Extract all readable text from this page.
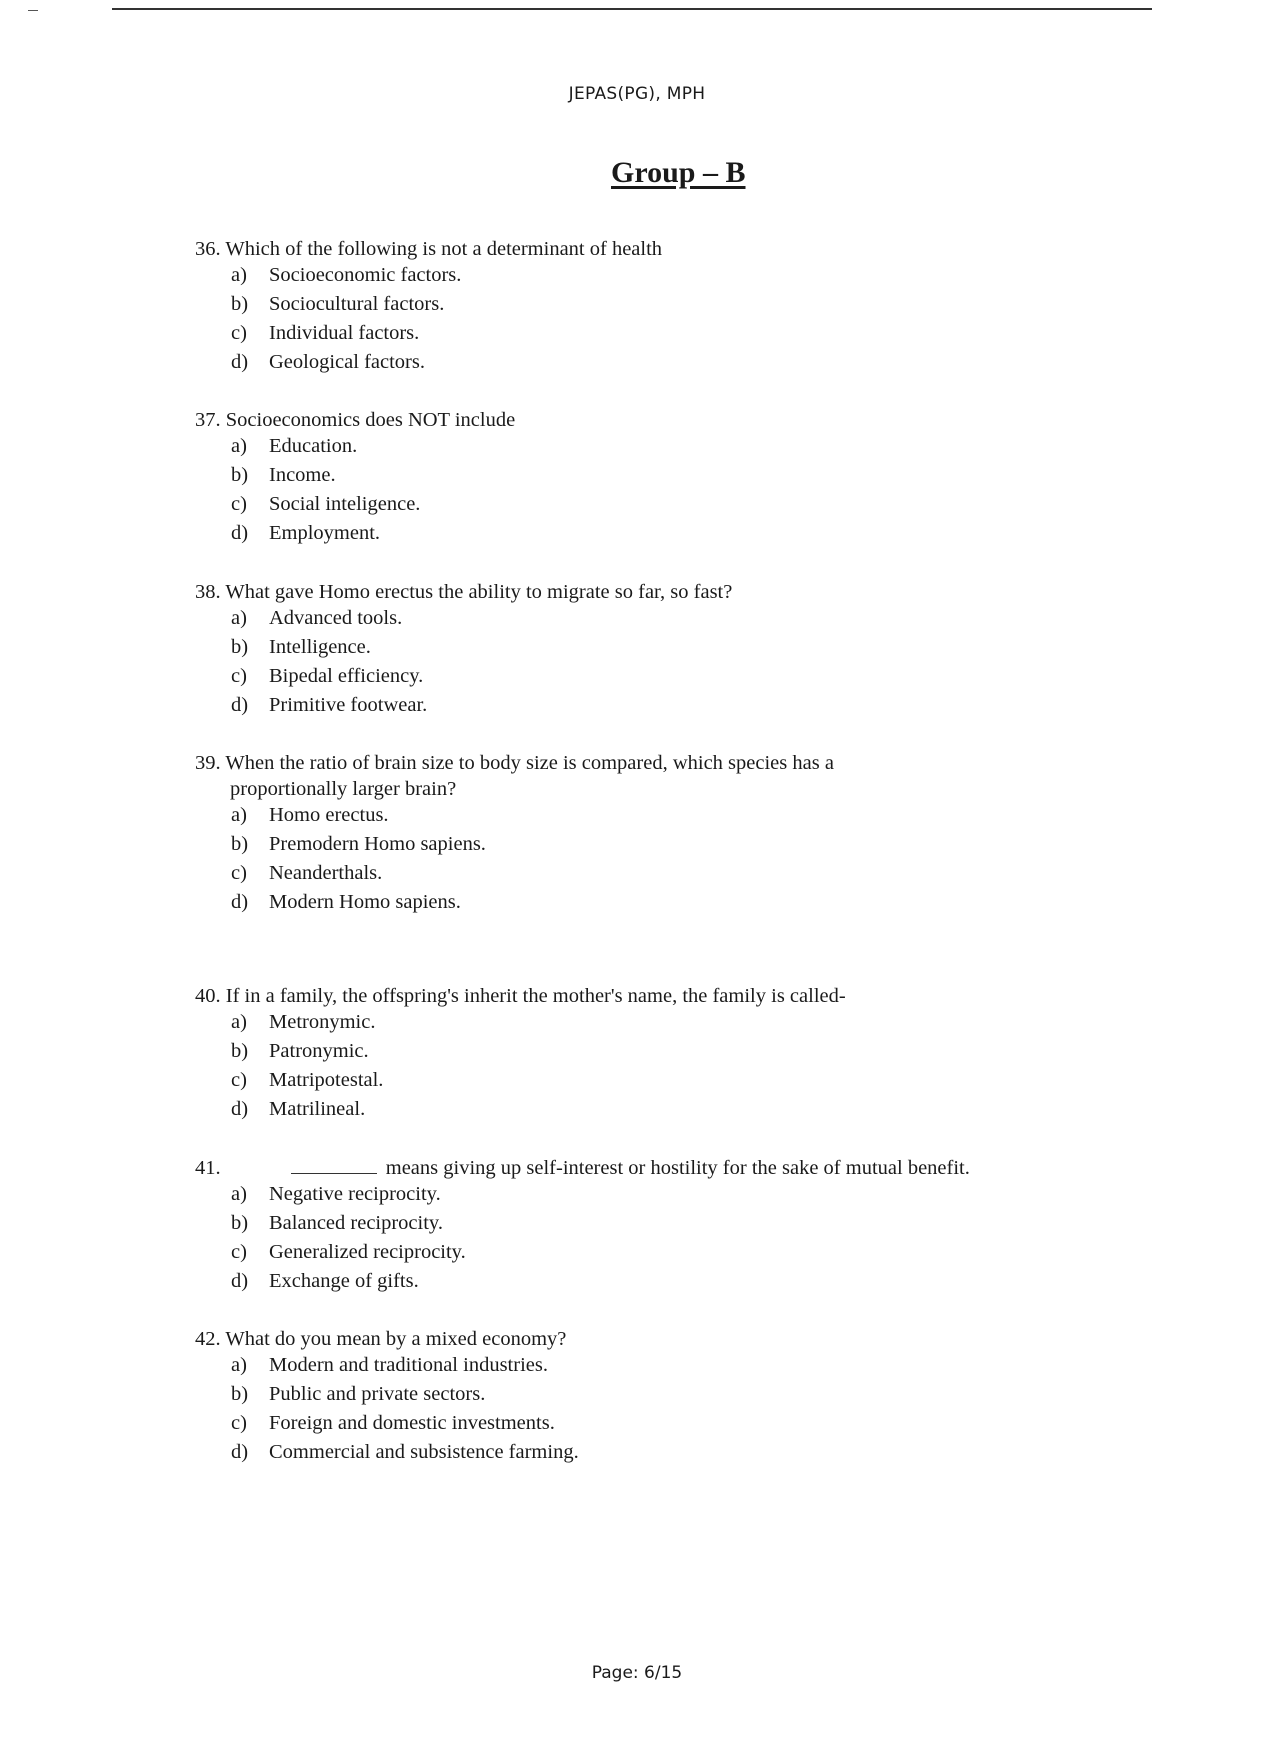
JEPAS(PG), MPH
Group – B
36. Which of the following is not a determinant of health
a) Socioeconomic factors.
b) Sociocultural factors.
c) Individual factors.
d) Geological factors.
37. Socioeconomics does NOT include
a) Education.
b) Income.
c) Social inteligence.
d) Employment.
38. What gave Homo erectus the ability to migrate so far, so fast?
a) Advanced tools.
b) Intelligence.
c) Bipedal efficiency.
d) Primitive footwear.
39. When the ratio of brain size to body size is compared, which species has a
proportionally larger brain?
a) Homo erectus.
b) Premodern Homo sapiens.
c) Neanderthals.
d) Modern Homo sapiens.
40. If in a family, the offspring's inherit the mother's name, the family is called-
a) Metronymic.
b) Patronymic.
c) Matripotestal.
d) Matrilineal.
41.	means giving up self-interest or hostility for the sake of mutual benefit.
a) Negative reciprocity.
b) Balanced reciprocity.
c) Generalized reciprocity.
d) Exchange of gifts.
42. What do you mean by a mixed economy?
a) Modern and traditional industries.
b) Public and private sectors.
c) Foreign and domestic investments.
d) Commercial and subsistence farming.
Page: 6/15
